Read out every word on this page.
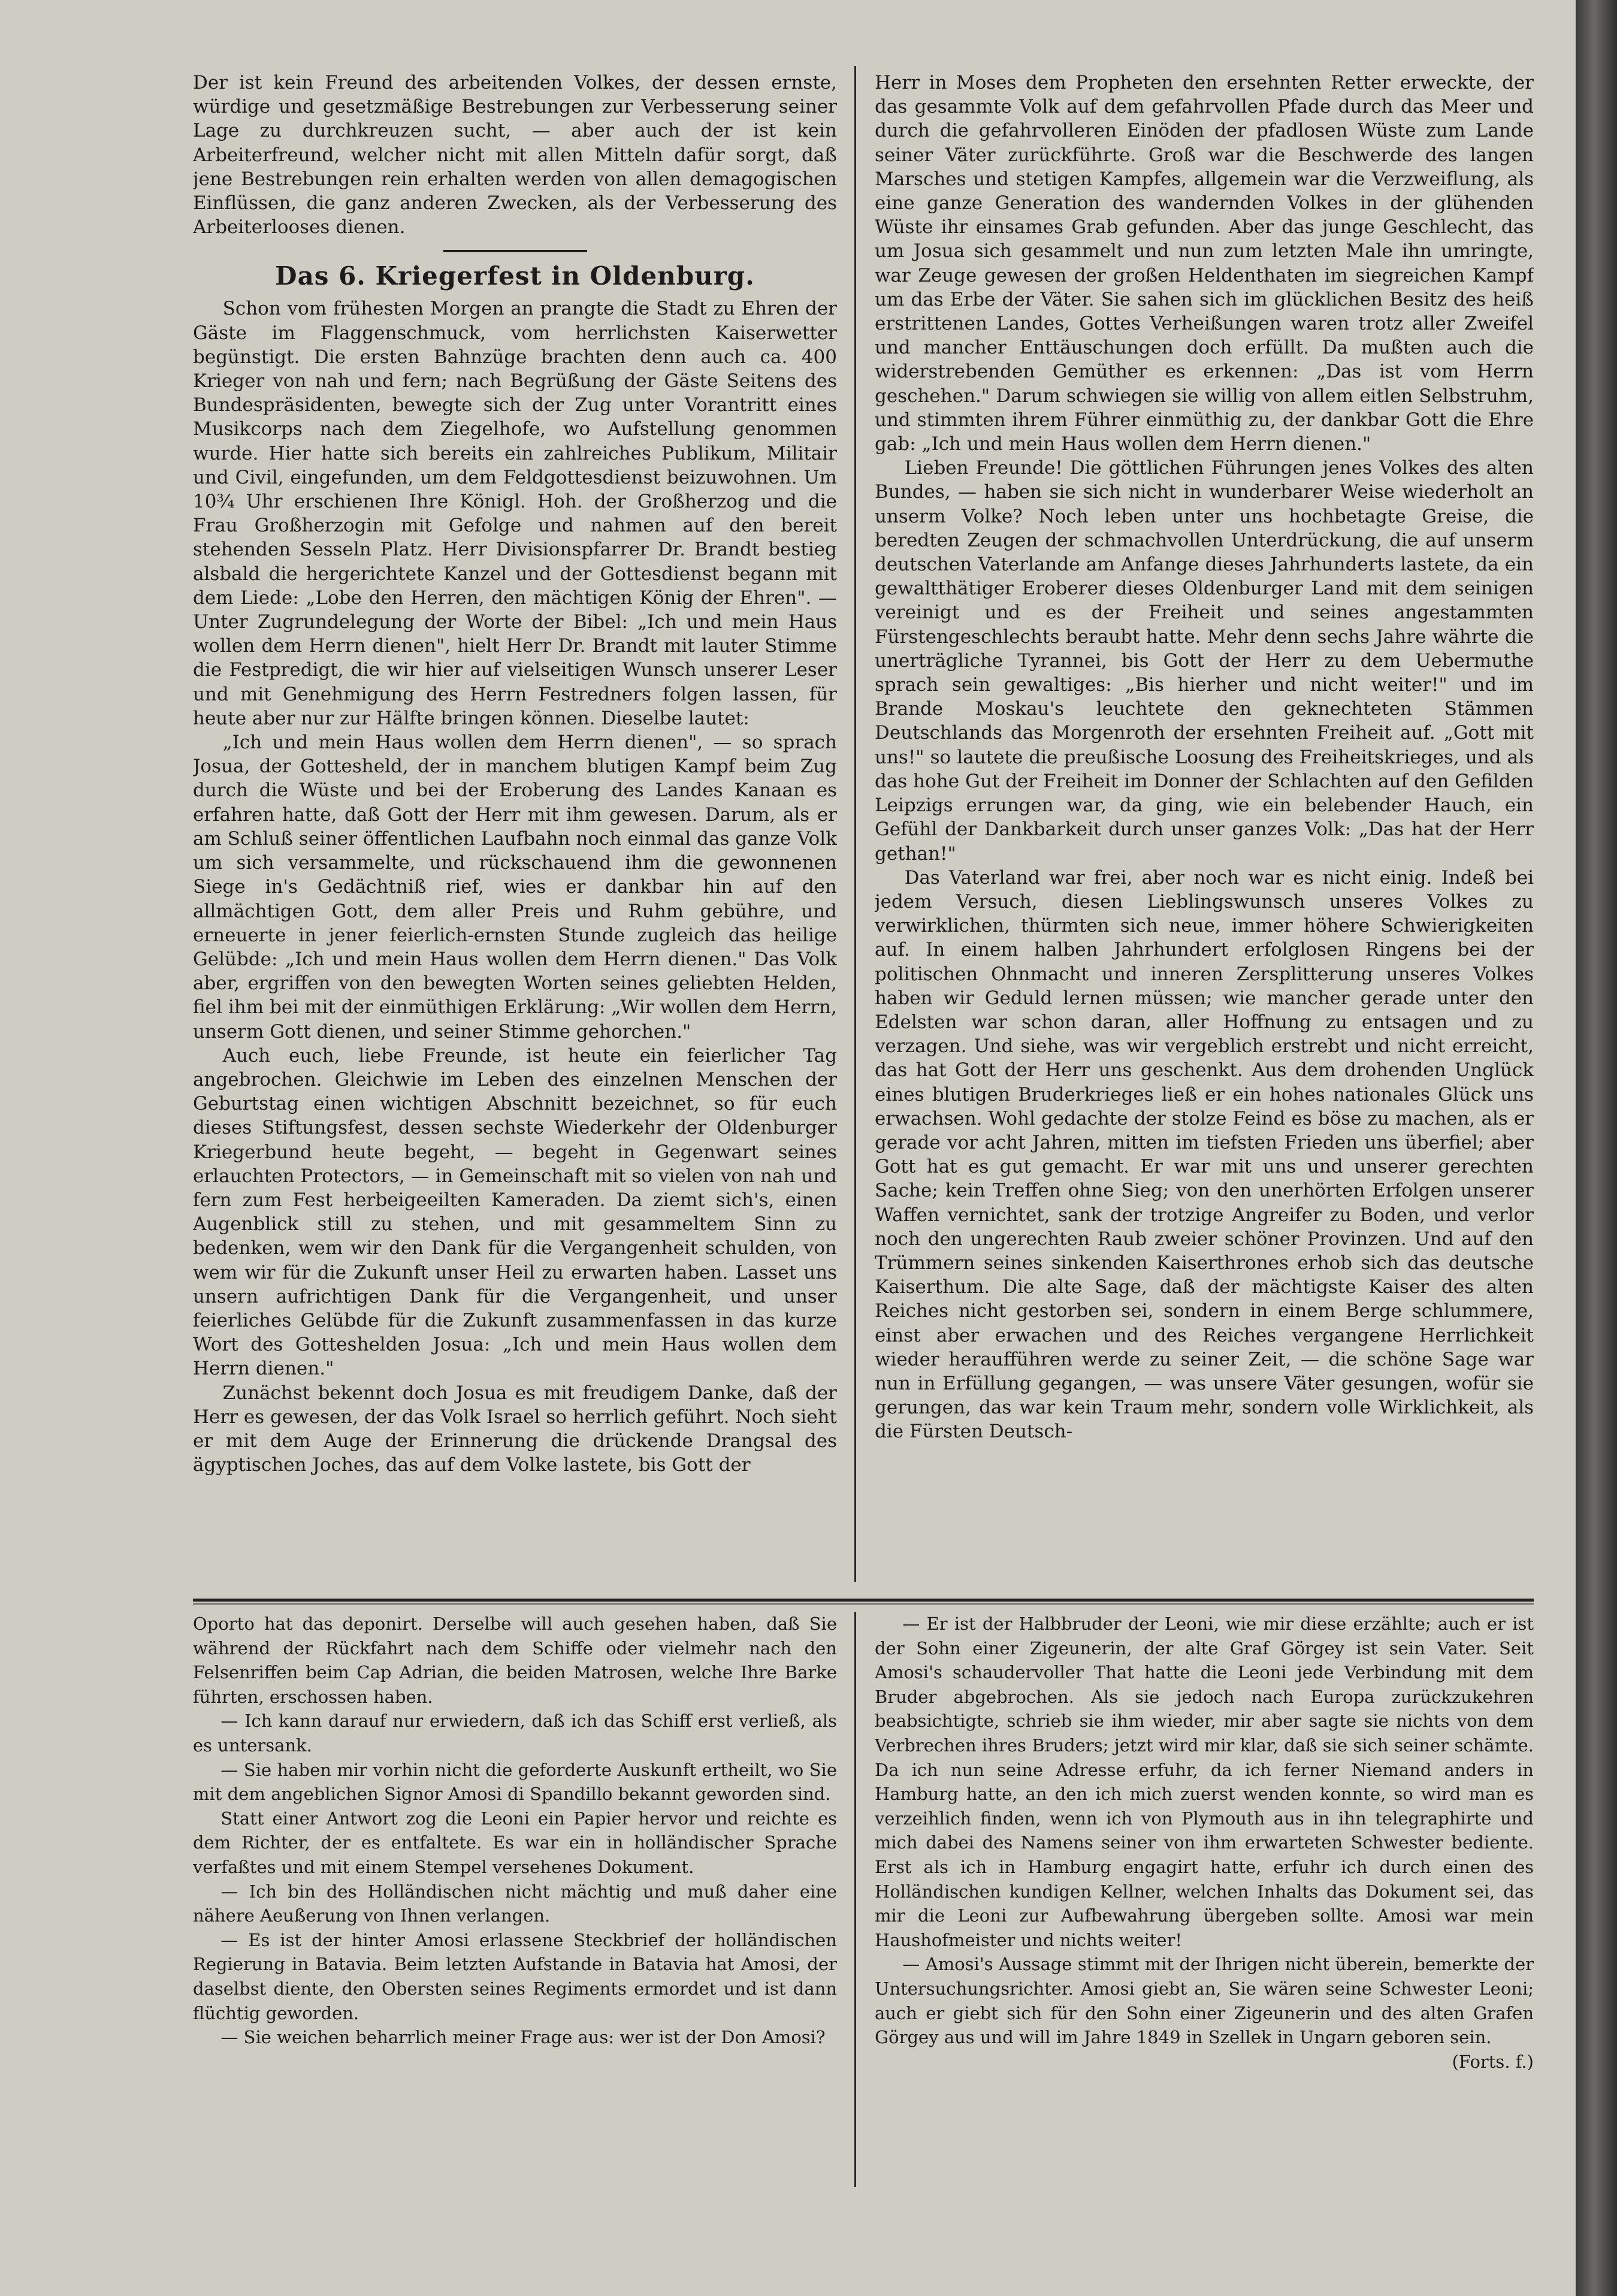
Der ist kein Freund des arbeitenden Volkes, der dessen ernste, würdige und gesetzmäßige Bestrebungen zur Verbesserung seiner Lage zu durchkreuzen sucht, — aber auch der ist kein Arbeiterfreund, welcher nicht mit allen Mitteln dafür sorgt, daß jene Bestrebungen rein erhalten werden von allen demagogischen Einflüssen, die ganz anderen Zwecken, als der Verbesserung des Arbeiterlooses dienen.

Das 6. Kriegerfest in Oldenburg.

Schon vom frühesten Morgen an prangte die Stadt zu Ehren der Gäste im Flaggenschmuck, vom herrlichsten Kaiserwetter begünstigt. Die ersten Bahnzüge brachten denn auch ca. 400 Krieger von nah und fern; nach Begrüßung der Gäste Seitens des Bundespräsidenten, bewegte sich der Zug unter Vorantritt eines Musikcorps nach dem Ziegelhofe, wo Aufstellung genommen wurde. Hier hatte sich bereits ein zahlreiches Publikum, Militair und Civil, eingefunden, um dem Feldgottesdienst beizuwohnen. Um 10¾ Uhr erschienen Ihre Königl. Hoh. der Großherzog und die Frau Großherzogin mit Gefolge und nahmen auf den bereit stehenden Sesseln Platz. Herr Divisionspfarrer Dr. Brandt bestieg alsbald die hergerichtete Kanzel und der Gottesdienst begann mit dem Liede: „Lobe den Herren, den mächtigen König der Ehren". — Unter Zugrundelegung der Worte der Bibel: „Ich und mein Haus wollen dem Herrn dienen", hielt Herr Dr. Brandt mit lauter Stimme die Festpredigt, die wir hier auf vielseitigen Wunsch unserer Leser und mit Genehmigung des Herrn Festredners folgen lassen, für heute aber nur zur Hälfte bringen können. Dieselbe lautet:

„Ich und mein Haus wollen dem Herrn dienen", — so sprach Josua, der Gottesheld, der in manchem blutigen Kampf beim Zug durch die Wüste und bei der Eroberung des Landes Kanaan es erfahren hatte, daß Gott der Herr mit ihm gewesen. Darum, als er am Schluß seiner öffentlichen Laufbahn noch einmal das ganze Volk um sich versammelte, und rückschauend ihm die gewonnenen Siege in's Gedächtniß rief, wies er dankbar hin auf den allmächtigen Gott, dem aller Preis und Ruhm gebühre, und erneuerte in jener feierlich-ernsten Stunde zugleich das heilige Gelübde: „Ich und mein Haus wollen dem Herrn dienen." Das Volk aber, ergriffen von den bewegten Worten seines geliebten Helden, fiel ihm bei mit der einmüthigen Erklärung: „Wir wollen dem Herrn, unserm Gott dienen, und seiner Stimme gehorchen."

Auch euch, liebe Freunde, ist heute ein feierlicher Tag angebrochen. Gleichwie im Leben des einzelnen Menschen der Geburtstag einen wichtigen Abschnitt bezeichnet, so für euch dieses Stiftungsfest, dessen sechste Wiederkehr der Oldenburger Kriegerbund heute begeht, — begeht in Gegenwart seines erlauchten Protectors, — in Gemeinschaft mit so vielen von nah und fern zum Fest herbeigeeilten Kameraden. Da ziemt sich's, einen Augenblick still zu stehen, und mit gesammeltem Sinn zu bedenken, wem wir den Dank für die Vergangenheit schulden, von wem wir für die Zukunft unser Heil zu erwarten haben. Lasset uns unsern aufrichtigen Dank für die Vergangenheit, und unser feierliches Gelübde für die Zukunft zusammenfassen in das kurze Wort des Gotteshelden Josua: „Ich und mein Haus wollen dem Herrn dienen."

Zunächst bekennt doch Josua es mit freudigem Danke, daß der Herr es gewesen, der das Volk Israel so herrlich geführt. Noch sieht er mit dem Auge der Erinnerung die drückende Drangsal des ägyptischen Joches, das auf dem Volke lastete, bis Gott der

Herr in Moses dem Propheten den ersehnten Retter erweckte, der das gesammte Volk auf dem gefahrvollen Pfade durch das Meer und durch die gefahrvolleren Einöden der pfadlosen Wüste zum Lande seiner Väter zurückführte. Groß war die Beschwerde des langen Marsches und stetigen Kampfes, allgemein war die Verzweiflung, als eine ganze Generation des wandernden Volkes in der glühenden Wüste ihr einsames Grab gefunden. Aber das junge Geschlecht, das um Josua sich gesammelt und nun zum letzten Male ihn umringte, war Zeuge gewesen der großen Heldenthaten im siegreichen Kampf um das Erbe der Väter. Sie sahen sich im glücklichen Besitz des heiß erstrittenen Landes, Gottes Verheißungen waren trotz aller Zweifel und mancher Enttäuschungen doch erfüllt. Da mußten auch die widerstrebenden Gemüther es erkennen: „Das ist vom Herrn geschehen." Darum schwiegen sie willig von allem eitlen Selbstruhm, und stimmten ihrem Führer einmüthig zu, der dankbar Gott die Ehre gab: „Ich und mein Haus wollen dem Herrn dienen."

Lieben Freunde! Die göttlichen Führungen jenes Volkes des alten Bundes, — haben sie sich nicht in wunderbarer Weise wiederholt an unserm Volke? Noch leben unter uns hochbetagte Greise, die beredten Zeugen der schmachvollen Unterdrückung, die auf unserm deutschen Vaterlande am Anfange dieses Jahrhunderts lastete, da ein gewaltthätiger Eroberer dieses Oldenburger Land mit dem seinigen vereinigt und es der Freiheit und seines angestammten Fürstengeschlechts beraubt hatte. Mehr denn sechs Jahre währte die unerträgliche Tyrannei, bis Gott der Herr zu dem Uebermuthe sprach sein gewaltiges: „Bis hierher und nicht weiter!" und im Brande Moskau's leuchtete den geknechteten Stämmen Deutschlands das Morgenroth der ersehnten Freiheit auf. „Gott mit uns!" so lautete die preußische Loosung des Freiheitskrieges, und als das hohe Gut der Freiheit im Donner der Schlachten auf den Gefilden Leipzigs errungen war, da ging, wie ein belebender Hauch, ein Gefühl der Dankbarkeit durch unser ganzes Volk: „Das hat der Herr gethan!"

Das Vaterland war frei, aber noch war es nicht einig. Indeß bei jedem Versuch, diesen Lieblingswunsch unseres Volkes zu verwirklichen, thürmten sich neue, immer höhere Schwierigkeiten auf. In einem halben Jahrhundert erfolglosen Ringens bei der politischen Ohnmacht und inneren Zersplitterung unseres Volkes haben wir Geduld lernen müssen; wie mancher gerade unter den Edelsten war schon daran, aller Hoffnung zu entsagen und zu verzagen. Und siehe, was wir vergeblich erstrebt und nicht erreicht, das hat Gott der Herr uns geschenkt. Aus dem drohenden Unglück eines blutigen Bruderkrieges ließ er ein hohes nationales Glück uns erwachsen. Wohl gedachte der stolze Feind es böse zu machen, als er gerade vor acht Jahren, mitten im tiefsten Frieden uns überfiel; aber Gott hat es gut gemacht. Er war mit uns und unserer gerechten Sache; kein Treffen ohne Sieg; von den unerhörten Erfolgen unserer Waffen vernichtet, sank der trotzige Angreifer zu Boden, und verlor noch den ungerechten Raub zweier schöner Provinzen. Und auf den Trümmern seines sinkenden Kaiserthrones erhob sich das deutsche Kaiserthum. Die alte Sage, daß der mächtigste Kaiser des alten Reiches nicht gestorben sei, sondern in einem Berge schlummere, einst aber erwachen und des Reiches vergangene Herrlichkeit wieder heraufführen werde zu seiner Zeit, — die schöne Sage war nun in Erfüllung gegangen, — was unsere Väter gesungen, wofür sie gerungen, das war kein Traum mehr, sondern volle Wirklichkeit, als die Fürsten Deutsch-

Oporto hat das deponirt. Derselbe will auch gesehen haben, daß Sie während der Rückfahrt nach dem Schiffe oder vielmehr nach den Felsenriffen beim Cap Adrian, die beiden Matrosen, welche Ihre Barke führten, erschossen haben.

— Ich kann darauf nur erwiedern, daß ich das Schiff erst verließ, als es untersank.

— Sie haben mir vorhin nicht die geforderte Auskunft ertheilt, wo Sie mit dem angeblichen Signor Amosi di Spandillo bekannt geworden sind.

Statt einer Antwort zog die Leoni ein Papier hervor und reichte es dem Richter, der es entfaltete. Es war ein in holländischer Sprache verfaßtes und mit einem Stempel versehenes Dokument.

— Ich bin des Holländischen nicht mächtig und muß daher eine nähere Aeußerung von Ihnen verlangen.

— Es ist der hinter Amosi erlassene Steckbrief der holländischen Regierung in Batavia. Beim letzten Aufstande in Batavia hat Amosi, der daselbst diente, den Obersten seines Regiments ermordet und ist dann flüchtig geworden.

— Sie weichen beharrlich meiner Frage aus: wer ist der Don Amosi?

— Er ist der Halbbruder der Leoni, wie mir diese erzählte; auch er ist der Sohn einer Zigeunerin, der alte Graf Görgey ist sein Vater. Seit Amosi's schaudervoller That hatte die Leoni jede Verbindung mit dem Bruder abgebrochen. Als sie jedoch nach Europa zurückzukehren beabsichtigte, schrieb sie ihm wieder, mir aber sagte sie nichts von dem Verbrechen ihres Bruders; jetzt wird mir klar, daß sie sich seiner schämte. Da ich nun seine Adresse erfuhr, da ich ferner Niemand anders in Hamburg hatte, an den ich mich zuerst wenden konnte, so wird man es verzeihlich finden, wenn ich von Plymouth aus in ihn telegraphirte und mich dabei des Namens seiner von ihm erwarteten Schwester bediente. Erst als ich in Hamburg engagirt hatte, erfuhr ich durch einen des Holländischen kundigen Kellner, welchen Inhalts das Dokument sei, das mir die Leoni zur Aufbewahrung übergeben sollte. Amosi war mein Haushofmeister und nichts weiter!

— Amosi's Aussage stimmt mit der Ihrigen nicht überein, bemerkte der Untersuchungsrichter. Amosi giebt an, Sie wären seine Schwester Leoni; auch er giebt sich für den Sohn einer Zigeunerin und des alten Grafen Görgey aus und will im Jahre 1849 in Szellek in Ungarn geboren sein.

(Forts. f.)
